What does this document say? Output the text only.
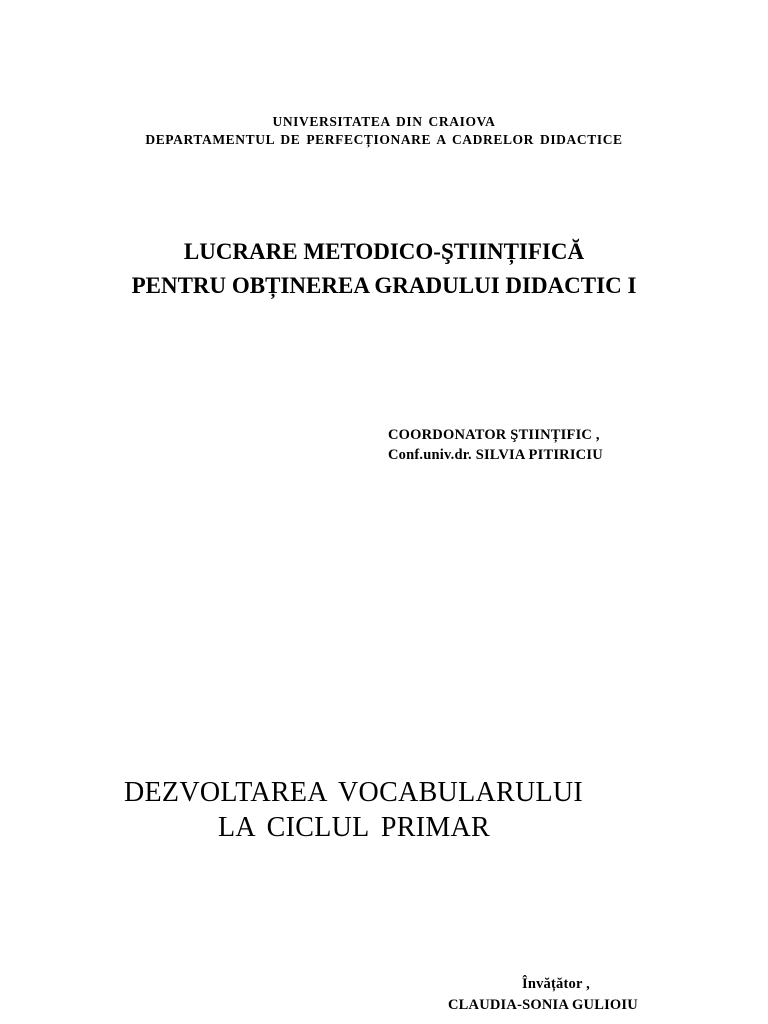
UNIVERSITATEA DIN CRAIOVA
DEPARTAMENTUL DE PERFECȚIONARE A CADRELOR DIDACTICE
LUCRARE METODICO-ŞTIINȚIFICĂ
PENTRU OBȚINEREA GRADULUI DIDACTIC I
COORDONATOR ŞTIINȚIFIC ,
Conf.univ.dr. SILVIA PITIRICIU
DEZVOLTAREA VOCABULARULUI
LA CICLUL PRIMAR
Învățător ,
CLAUDIA-SONIA GULIOIU
